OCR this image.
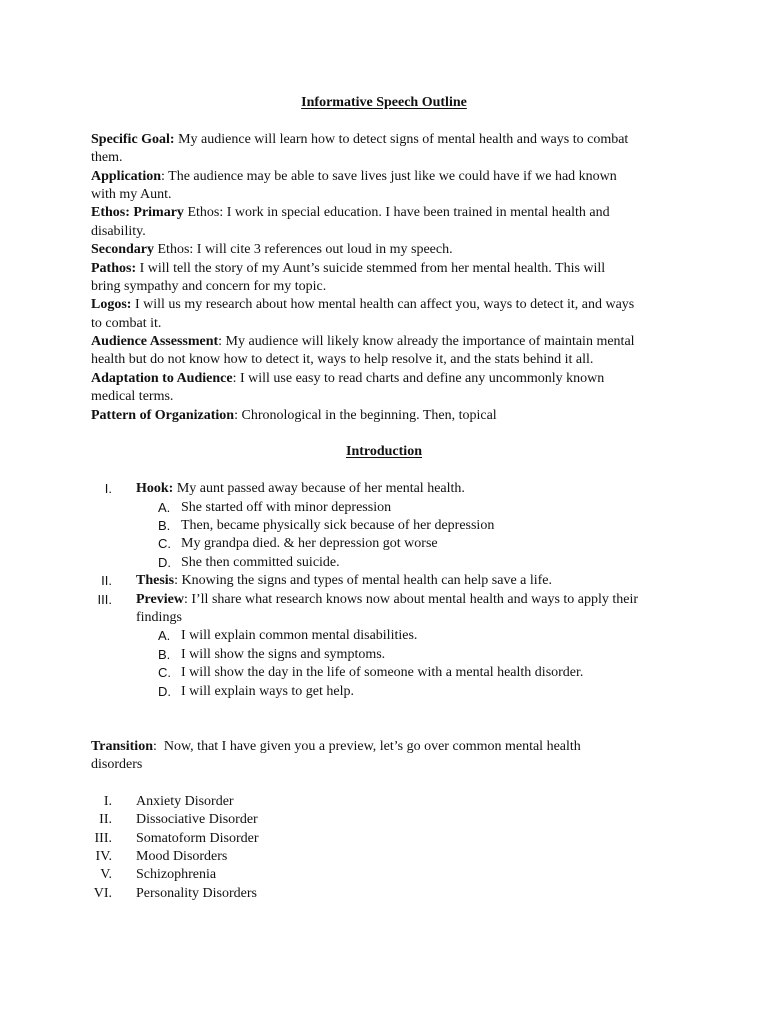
Informative Speech Outline
Specific Goal: My audience will learn how to detect signs of mental health and ways to combat
them.
Application: The audience may be able to save lives just like we could have if we had known
with my Aunt.
Ethos: Primary Ethos: I work in special education. I have been trained in mental health and
disability.
Secondary Ethos: I will cite 3 references out loud in my speech.
Pathos: I will tell the story of my Aunt’s suicide stemmed from her mental health. This will
bring sympathy and concern for my topic.
Logos: I will us my research about how mental health can affect you, ways to detect it, and ways
to combat it.
Audience Assessment: My audience will likely know already the importance of maintain mental
health but do not know how to detect it, ways to help resolve it, and the stats behind it all.
Adaptation to Audience: I will use easy to read charts and define any uncommonly known
medical terms.
Pattern of Organization: Chronological in the beginning. Then, topical
Introduction
I. Hook: My aunt passed away because of her mental health.
A. She started off with minor depression
B. Then, became physically sick because of her depression
C. My grandpa died. & her depression got worse
D. She then committed suicide.
II. Thesis: Knowing the signs and types of mental health can help save a life.
III. Preview: I’ll share what research knows now about mental health and ways to apply their
findings
A. I will explain common mental disabilities.
B. I will show the signs and symptoms.
C. I will show the day in the life of someone with a mental health disorder.
D. I will explain ways to get help.
Transition:  Now, that I have given you a preview, let’s go over common mental health
disorders
I. Anxiety Disorder
II. Dissociative Disorder
III. Somatoform Disorder
IV. Mood Disorders
V. Schizophrenia
VI. Personality Disorders
